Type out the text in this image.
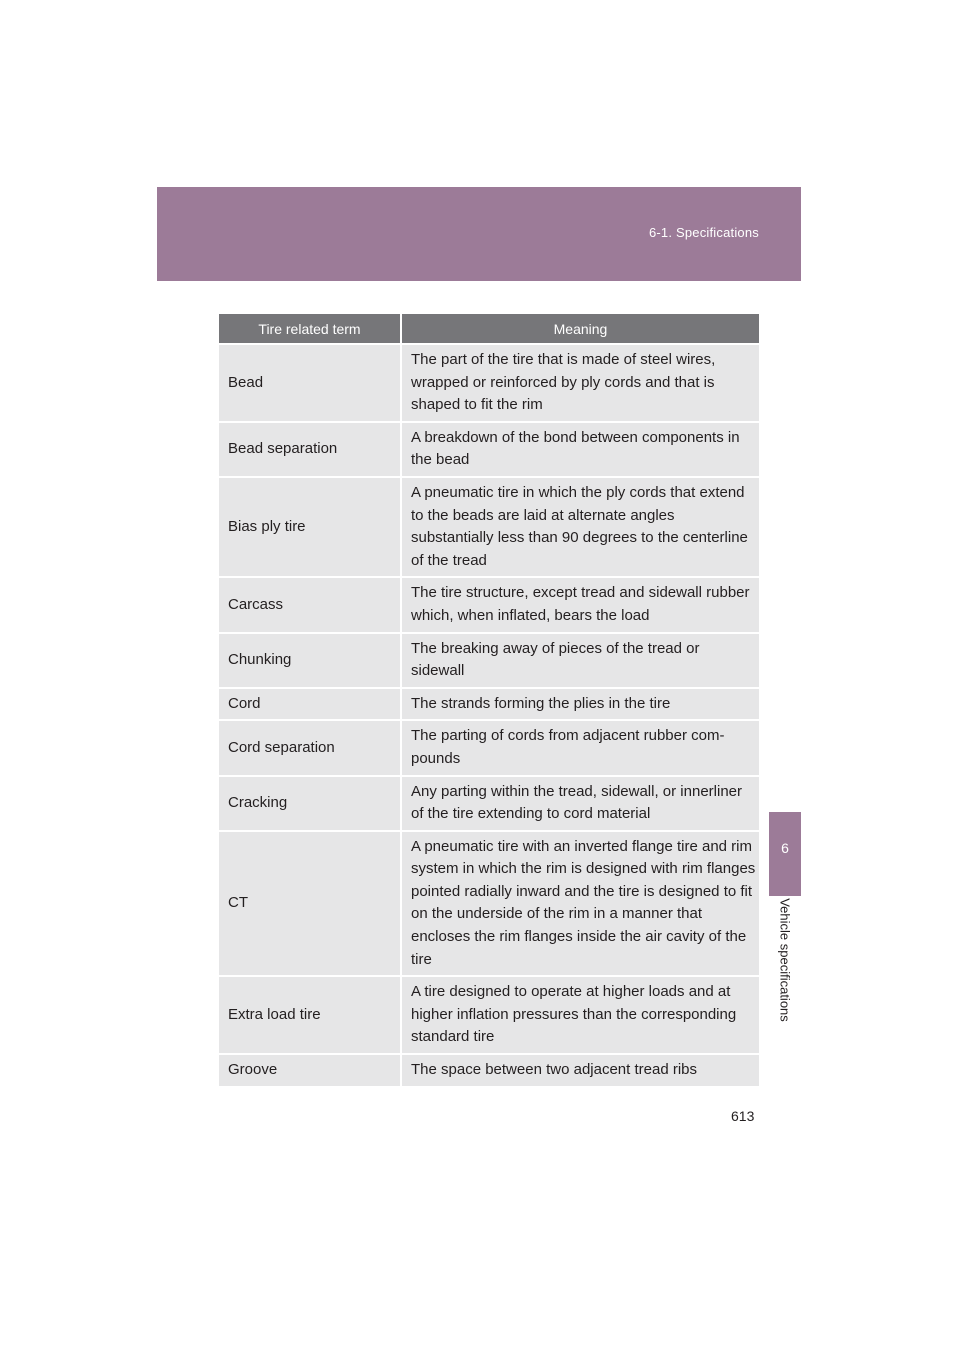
6-1. Specifications
6
Vehicle specifications
Tire related term	Meaning
Bead	The part of the tire that is made of steel wires, wrapped or reinforced by ply cords and that is shaped to fit the rim
Bead separation	A breakdown of the bond between components in the bead
Bias ply tire	A pneumatic tire in which the ply cords that extend to the beads are laid at alternate angles substantially less than 90 degrees to the centerline of the tread
Carcass	The tire structure, except tread and sidewall rubber which, when inflated, bears the load
Chunking	The breaking away of pieces of the tread or sidewall
Cord	The strands forming the plies in the tire
Cord separation	The parting of cords from adjacent rubber com-pounds
Cracking	Any parting within the tread, sidewall, or innerliner of the tire extending to cord material
CT	A pneumatic tire with an inverted flange tire and rim system in which the rim is designed with rim flanges pointed radially inward and the tire is designed to fit on the underside of the rim in a manner that encloses the rim flanges inside the air cavity of the tire
Extra load tire	A tire designed to operate at higher loads and at higher inflation pressures than the corresponding standard tire
Groove	The space between two adjacent tread ribs
613
